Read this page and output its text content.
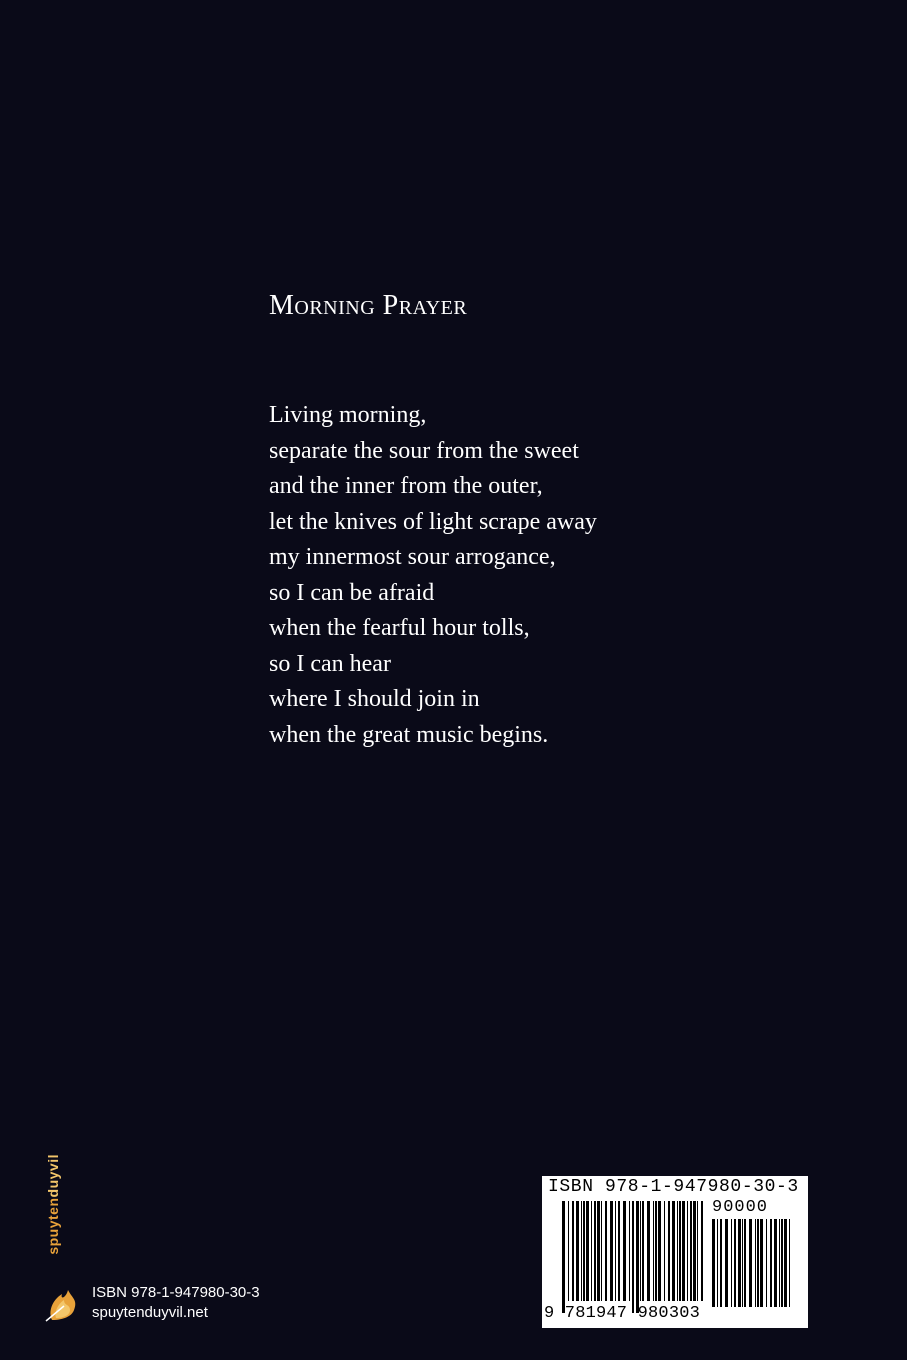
Morning Prayer
Living morning,
separate the sour from the sweet
and the inner from the outer,
let the knives of light scrape away
my innermost sour arrogance,
so I can be afraid
when the fearful hour tolls,
so I can hear
where I should join in
when the great music begins.
spuytenduyvil
ISBN 978-1-947980-30-3
spuytenduyvil.net
ISBN 978-1-947980-30-3
90000
9 781947 980303
